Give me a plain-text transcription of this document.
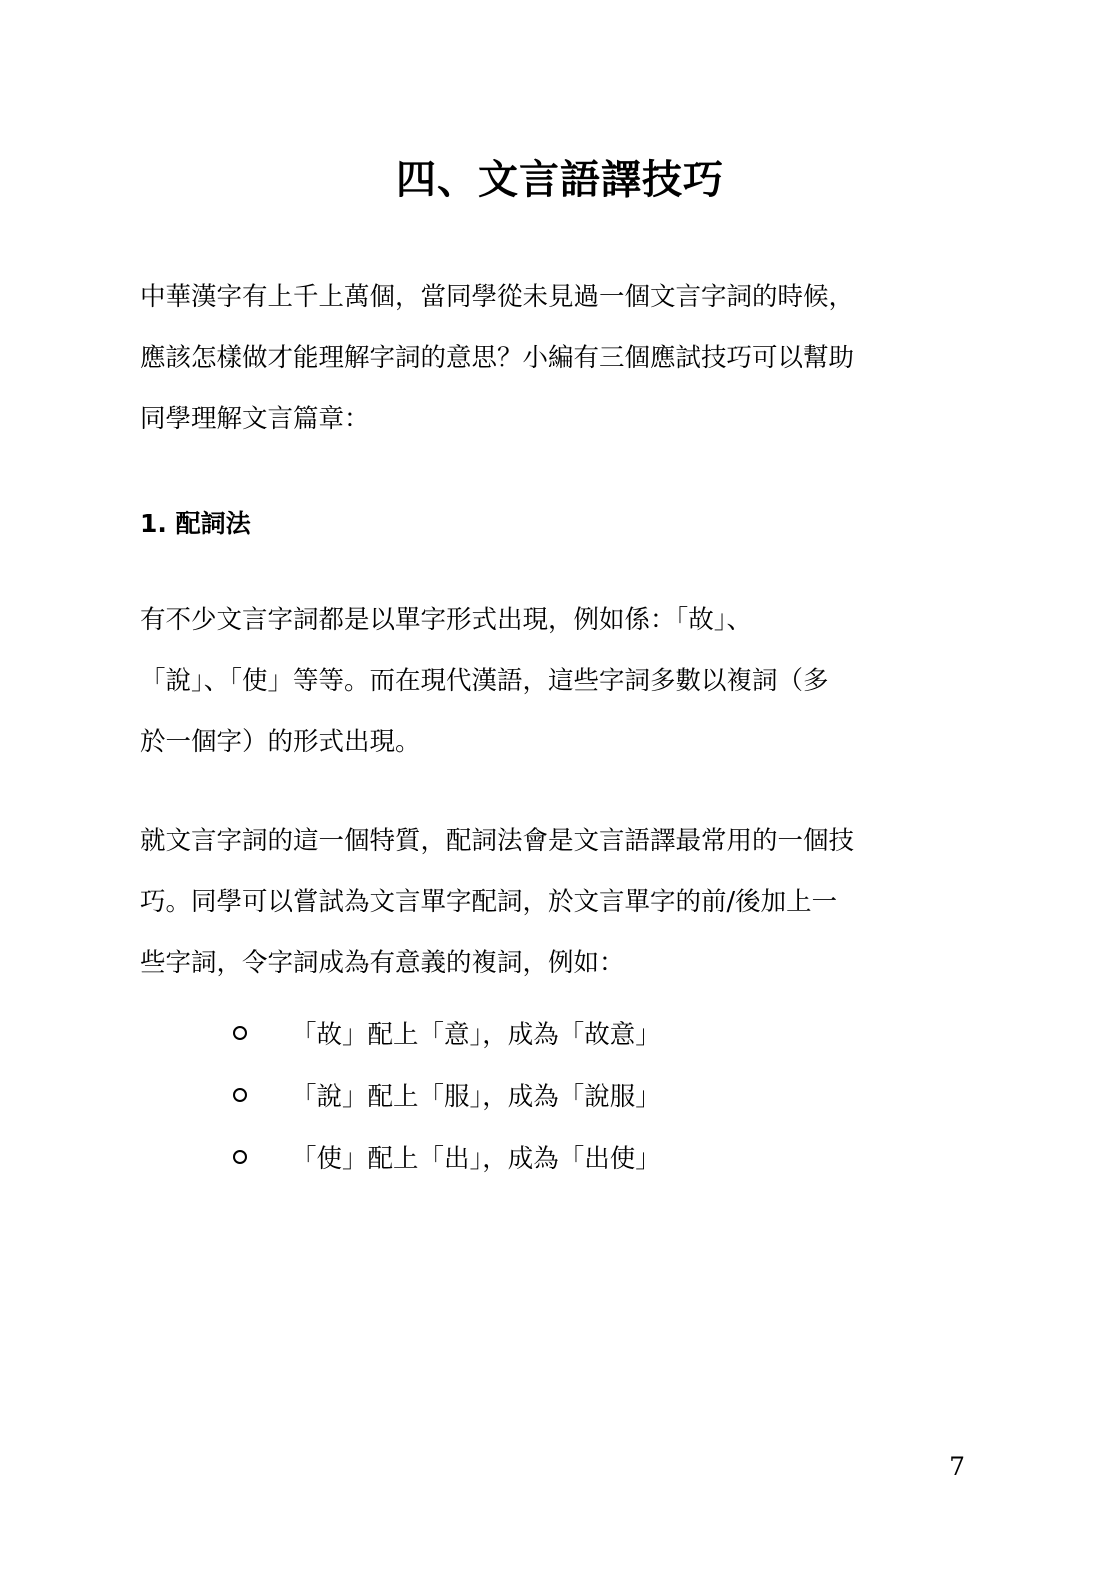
四、文言語譯技巧

中華漢字有上千上萬個，當同學從未見過一個文言字詞的時候，
應該怎樣做才能理解字詞的意思？小編有三個應試技巧可以幫助
同學理解文言篇章：

1. 配詞法

有不少文言字詞都是以單字形式出現，例如係：「故」、
「說」、「使」等等。而在現代漢語，這些字詞多數以複詞（多
於一個字）的形式出現。

就文言字詞的這一個特質，配詞法會是文言語譯最常用的一個技
巧。同學可以嘗試為文言單字配詞，於文言單字的前/後加上一
些字詞，令字詞成為有意義的複詞，例如：

「故」配上「意」，成為「故意」
「說」配上「服」，成為「說服」
「使」配上「出」，成為「出使」
7
